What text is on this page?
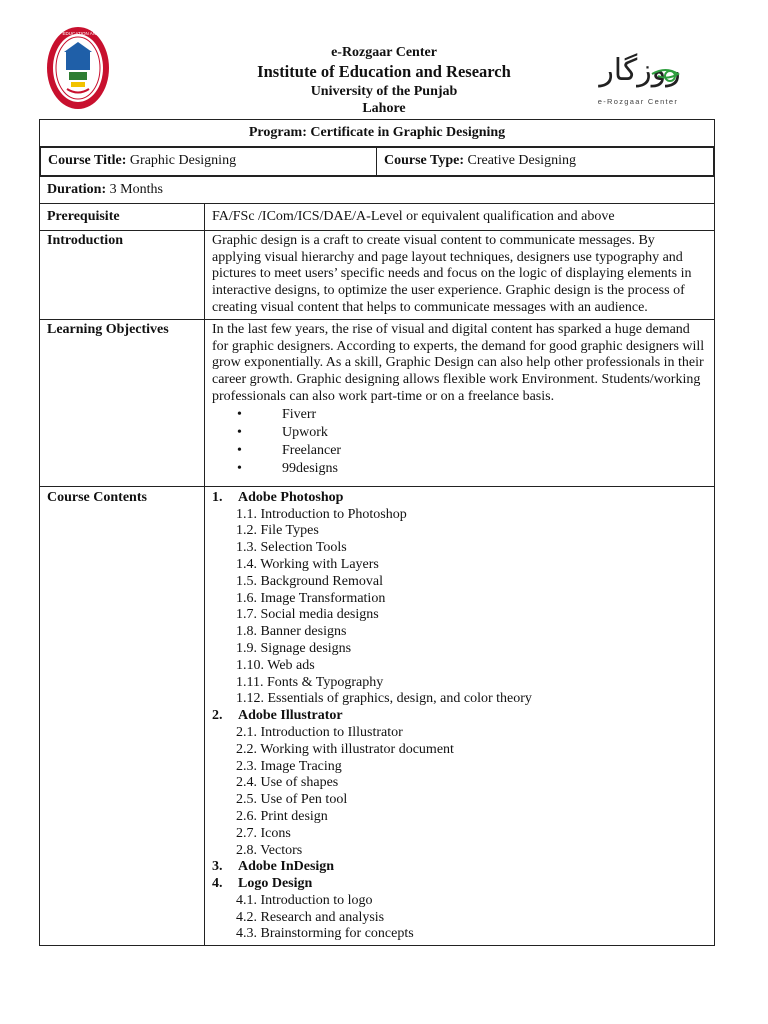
INSTITUTE OF EDUCATION AND RESEARCH
e-Rozgaar Center
Institute of Education and Research
University of the Punjab
Lahore
روزگار
e-Rozgaar Center
Program: Certificate in Graphic Designing

Course Title: Graphic Designing	Course Type: Creative Designing

Duration: 3 Months
Prerequisite	FA/FSc /ICom/ICS/DAE/A-Level or equivalent qualification and above
Introduction	Graphic design is a craft to create visual content to communicate messages. By applying visual hierarchy and page layout techniques, designers use typography and pictures to meet users’ specific needs and focus on the logic of displaying elements in interactive designs, to optimize the user experience. Graphic design is the process of creating visual content that helps to communicate messages with an audience.
Learning Objectives	In the last few years, the rise of visual and digital content has sparked a huge demand for graphic designers. According to experts, the demand for good graphic designers will grow exponentially. As a skill, Graphic Design can also help other professionals in their career growth. Graphic designing allows flexible work Environment. Students/working professionals can also work part-time or on a freelance basis.
• Fiverr
• Upwork
• Freelancer
• 99designs

Course Contents	1. Adobe Photoshop
1.1. Introduction to Photoshop
1.2. File Types
1.3. Selection Tools
1.4. Working with Layers
1.5. Background Removal
1.6. Image Transformation
1.7. Social media designs
1.8. Banner designs
1.9. Signage designs
1.10. Web ads
1.11. Fonts & Typography
1.12. Essentials of graphics, design, and color theory
2. Adobe Illustrator
2.1. Introduction to Illustrator
2.2. Working with illustrator document
2.3. Image Tracing
2.4. Use of shapes
2.5. Use of Pen tool
2.6. Print design
2.7. Icons
2.8. Vectors
3. Adobe InDesign
4. Logo Design
4.1. Introduction to logo
4.2. Research and analysis
4.3. Brainstorming for concepts
